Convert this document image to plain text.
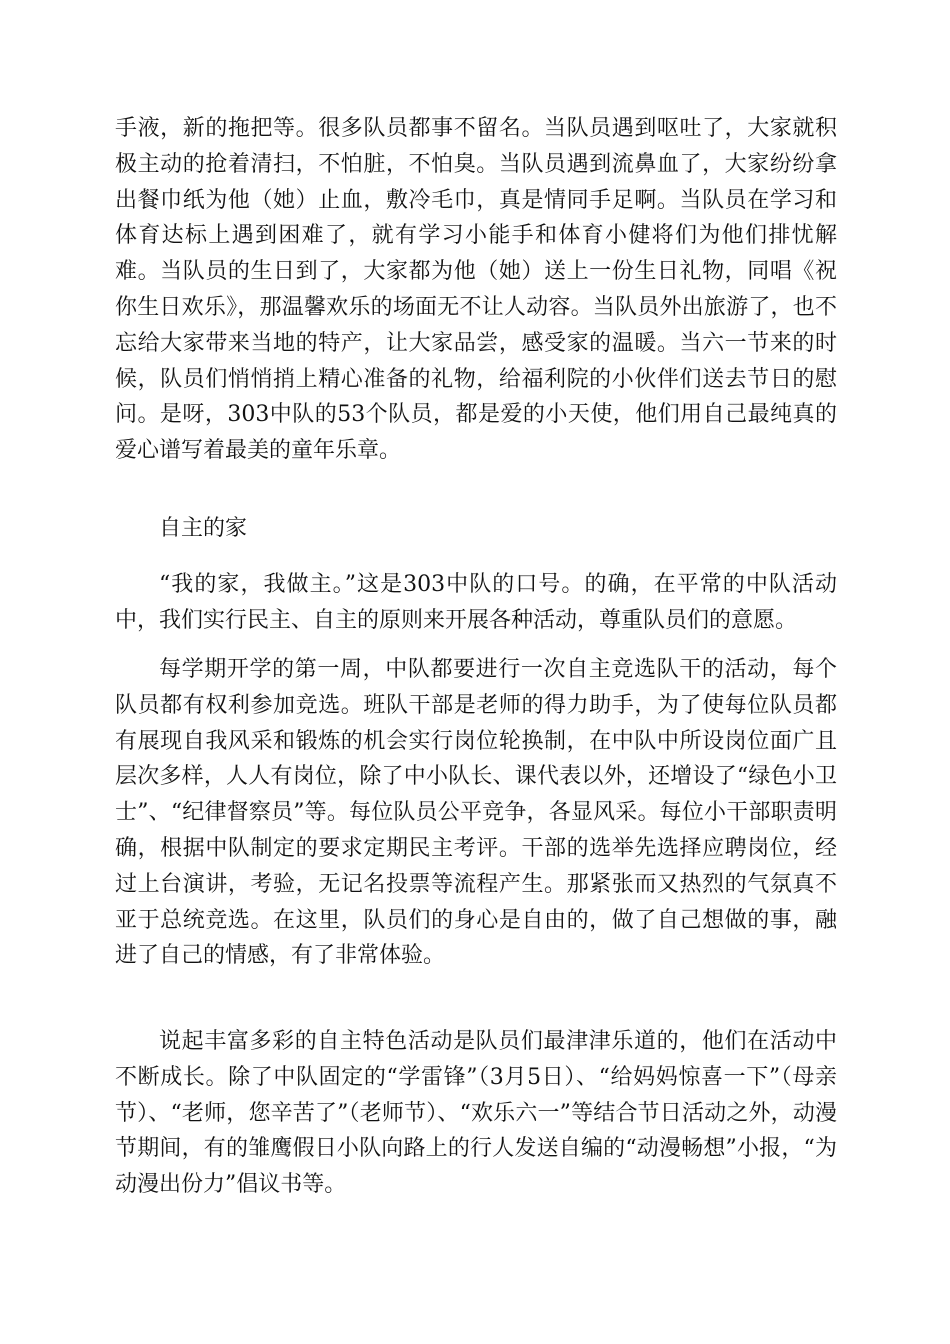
手液，新的拖把等。很多队员都事不留名。当队员遇到呕吐了，大家就积极主动的抢着清扫，不怕脏，不怕臭。当队员遇到流鼻血了，大家纷纷拿出餐巾纸为他（她）止血，敷冷毛巾，真是情同手足啊。当队员在学习和体育达标上遇到困难了，就有学习小能手和体育小健将们为他们排忧解难。当队员的生日到了，大家都为他（她）送上一份生日礼物，同唱《祝你生日欢乐》，那温馨欢乐的场面无不让人动容。当队员外出旅游了，也不忘给大家带来当地的特产，让大家品尝，感受家的温暖。当六一节来的时候，队员们悄悄捎上精心准备的礼物，给福利院的小伙伴们送去节日的慰问。是呀，303中队的53个队员，都是爱的小天使，他们用自己最纯真的爱心谱写着最美的童年乐章。

自主的家

“我的家，我做主。”这是303中队的口号。的确，在平常的中队活动中，我们实行民主、自主的原则来开展各种活动，尊重队员们的意愿。

每学期开学的第一周，中队都要进行一次自主竞选队干的活动，每个队员都有权利参加竞选。班队干部是老师的得力助手，为了使每位队员都有展现自我风采和锻炼的机会实行岗位轮换制，在中队中所设岗位面广且层次多样，人人有岗位，除了中小队长、课代表以外，还增设了“绿色小卫士”、“纪律督察员”等。每位队员公平竞争，各显风采。每位小干部职责明确，根据中队制定的要求定期民主考评。干部的选举先选择应聘岗位，经过上台演讲，考验，无记名投票等流程产生。那紧张而又热烈的气氛真不亚于总统竞选。在这里，队员们的身心是自由的，做了自己想做的事，融进了自己的情感，有了非常体验。

说起丰富多彩的自主特色活动是队员们最津津乐道的，他们在活动中不断成长。除了中队固定的“学雷锋”（3月5日）、“给妈妈惊喜一下”（母亲节）、“老师，您辛苦了”（老师节）、“欢乐六一”等结合节日活动之外，动漫节期间，有的雏鹰假日小队向路上的行人发送自编的“动漫畅想”小报，“为动漫出份力”倡议书等。
